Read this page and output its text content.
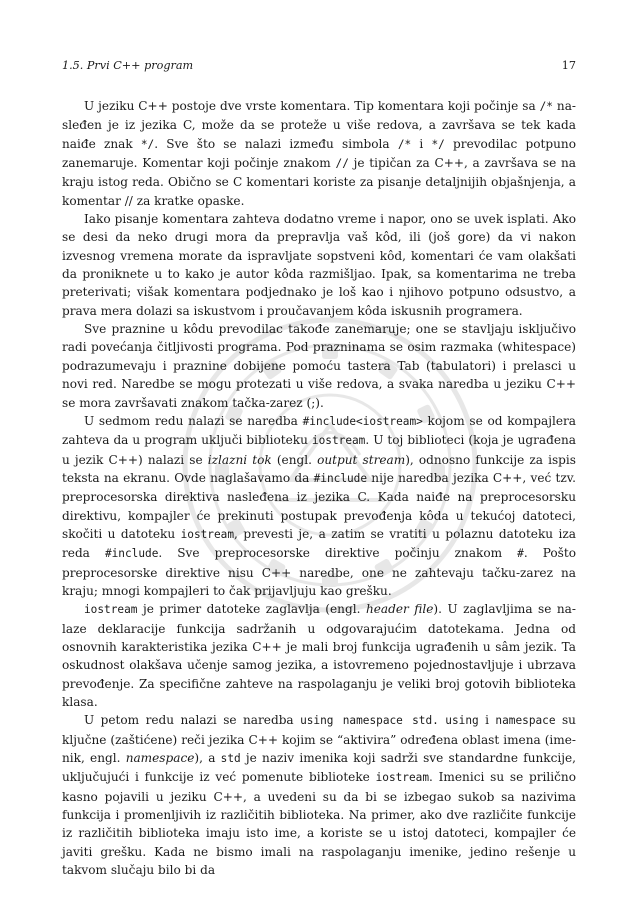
1.5. Prvi C++ program	17

U jeziku C++ postoje dve vrste komentara. Tip komentara koji počinje sa /* nasleđen je iz jezika C, može da se proteže u više redova, a završava se tek kada naiđe znak */. Sve što se nalazi između simbola /* i */ prevodilac potpuno zanemaruje. Komentar koji počinje znakom // je tipičan za C++, a završava se na kraju istog reda. Obično se C komentari koriste za pisanje detaljnijih objašnjenja, a komentar // za kratke opaske.

Iako pisanje komentara zahteva dodatno vreme i napor, ono se uvek isplati. Ako se desi da neko drugi mora da prepravlja vaš kôd, ili (još gore) da vi nakon izvesnog vremena morate da ispravljate sopstveni kôd, komentari će vam olakšati da proniknete u to kako je autor kôda razmišljao. Ipak, sa komentarima ne treba preterivati; višak komentara podjednako je loš kao i njihovo potpuno odsustvo, a prava mera dolazi sa iskustvom i proučavanjem kôda iskusnih programera.

Sve praznine u kôdu prevodilac takođe zanemaruje; one se stavljaju isključivo radi povećanja čitljivosti programa. Pod prazninama se osim razmaka (whitespace) podrazumevaju i praznine dobijene pomoću tastera Tab (tabulatori) i prelasci u novi red. Naredbe se mogu protezati u više redova, a svaka naredba u jeziku C++ se mora završavati znakom tačka-zarez (;).

U sedmom redu nalazi se naredba #include<iostream> kojom se od kompajlera zahteva da u program uključi biblioteku iostream. U toj biblioteci (koja je ugrađena u jezik C++) nalazi se izlazni tok (engl. output stream), odnosno funkcije za ispis teksta na ekranu. Ovde naglašavamo da #include nije naredba jezika C++, već tzv. preprocesorska direktiva nasleđena iz jezika C. Kada naiđe na preprocesorsku direktivu, kompajler će prekinuti postupak prevođenja kôda u tekućoj datoteci, skočiti u datoteku iostream, prevesti je, a zatim se vratiti u polaznu datoteku iza reda #include. Sve preprocesorske direktive počinju znakom #. Pošto preprocesorske direktive nisu C++ naredbe, one ne zahtevaju tačku-zarez na kraju; mnogi kompajleri to čak prijavljuju kao grešku.

iostream je primer datoteke zaglavlja (engl. header file). U zaglavljima se nalaze deklaracije funkcija sadržanih u odgovarajućim datotekama. Jedna od osnovnih karakteristika jezika C++ je mali broj funkcija ugrađenih u sâm jezik. Ta oskudnost olakšava učenje samog jezika, a istovremeno pojednostavljuje i ubrzava prevođenje. Za specifične zahteve na raspolaganju je veliki broj gotovih biblioteka klasa.

U petom redu nalazi se naredba using namespace std. using i namespace su ključne (zaštićene) reči jezika C++ kojim se “aktivira” određena oblast imena (imenik, engl. namespace), a std je naziv imenika koji sadrži sve standardne funkcije, uključujući i funkcije iz već pomenute biblioteke iostream. Imenici su se prilično kasno pojavili u jeziku C++, a uvedeni su da bi se izbegao sukob sa nazivima funkcija i promenljivih iz različitih biblioteka. Na primer, ako dve različite funkcije iz različitih biblioteka imaju isto ime, a koriste se u istoj datoteci, kompajler će javiti grešku. Kada ne bismo imali na raspolaganju imenike, jedino rešenje u takvom slučaju bilo bi da
